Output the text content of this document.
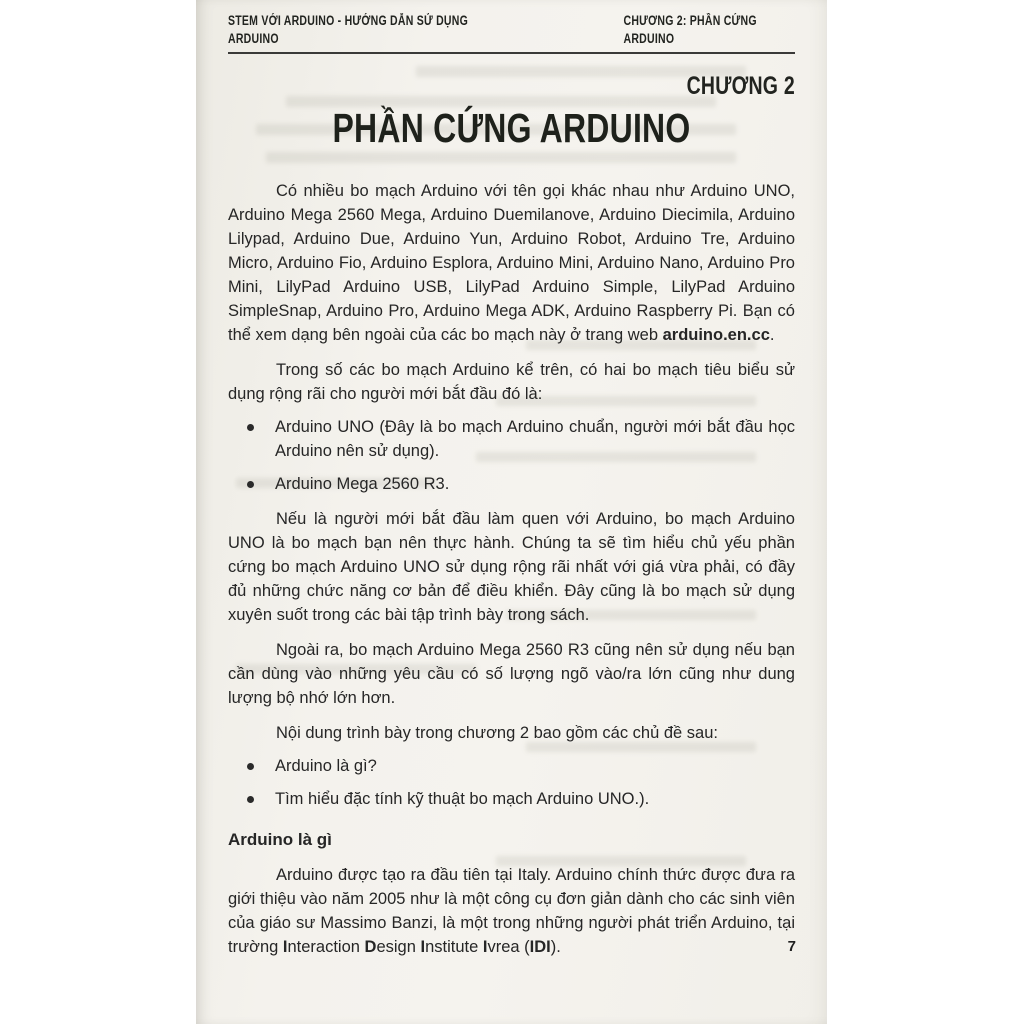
STEM VỚI ARDUINO - HƯỚNG DẪN SỬ DỤNG ARDUINO
CHƯƠNG 2: PHẦN CỨNG ARDUINO
CHƯƠNG 2
PHẦN CỨNG ARDUINO

Có nhiều bo mạch Arduino với tên gọi khác nhau như Arduino UNO, Arduino Mega 2560 Mega, Arduino Duemilanove, Arduino Diecimila, Arduino Lilypad, Arduino Due, Arduino Yun, Arduino Robot, Arduino Tre, Arduino Micro, Arduino Fio, Arduino Esplora, Arduino Mini, Arduino Nano, Arduino Pro Mini, LilyPad Arduino USB, LilyPad Arduino Simple, LilyPad Arduino SimpleSnap, Arduino Pro, Arduino Mega ADK, Arduino Raspberry Pi. Bạn có thể xem dạng bên ngoài của các bo mạch này ở trang web arduino.en.cc.

Trong số các bo mạch Arduino kể trên, có hai bo mạch tiêu biểu sử dụng rộng rãi cho người mới bắt đầu đó là:

Arduino UNO (Đây là bo mạch Arduino chuẩn, người mới bắt đầu học Arduino nên sử dụng).
Arduino Mega 2560 R3.

Nếu là người mới bắt đầu làm quen với Arduino, bo mạch Arduino UNO là bo mạch bạn nên thực hành. Chúng ta sẽ tìm hiểu chủ yếu phần cứng bo mạch Arduino UNO sử dụng rộng rãi nhất với giá vừa phải, có đầy đủ những chức năng cơ bản để điều khiển. Đây cũng là bo mạch sử dụng xuyên suốt trong các bài tập trình bày trong sách.

Ngoài ra, bo mạch Arduino Mega 2560 R3 cũng nên sử dụng nếu bạn cần dùng vào những yêu cầu có số lượng ngõ vào/ra lớn cũng như dung lượng bộ nhớ lớn hơn.

Nội dung trình bày trong chương 2 bao gồm các chủ đề sau:

Arduino là gì?
Tìm hiểu đặc tính kỹ thuật bo mạch Arduino UNO.).
Arduino là gì

Arduino được tạo ra đầu tiên tại Italy. Arduino chính thức được đưa ra giới thiệu vào năm 2005 như là một công cụ đơn giản dành cho các sinh viên của giáo sư Massimo Banzi, là một trong những người phát triển Arduino, tại trường Interaction Design Institute Ivrea (IDI).	7
